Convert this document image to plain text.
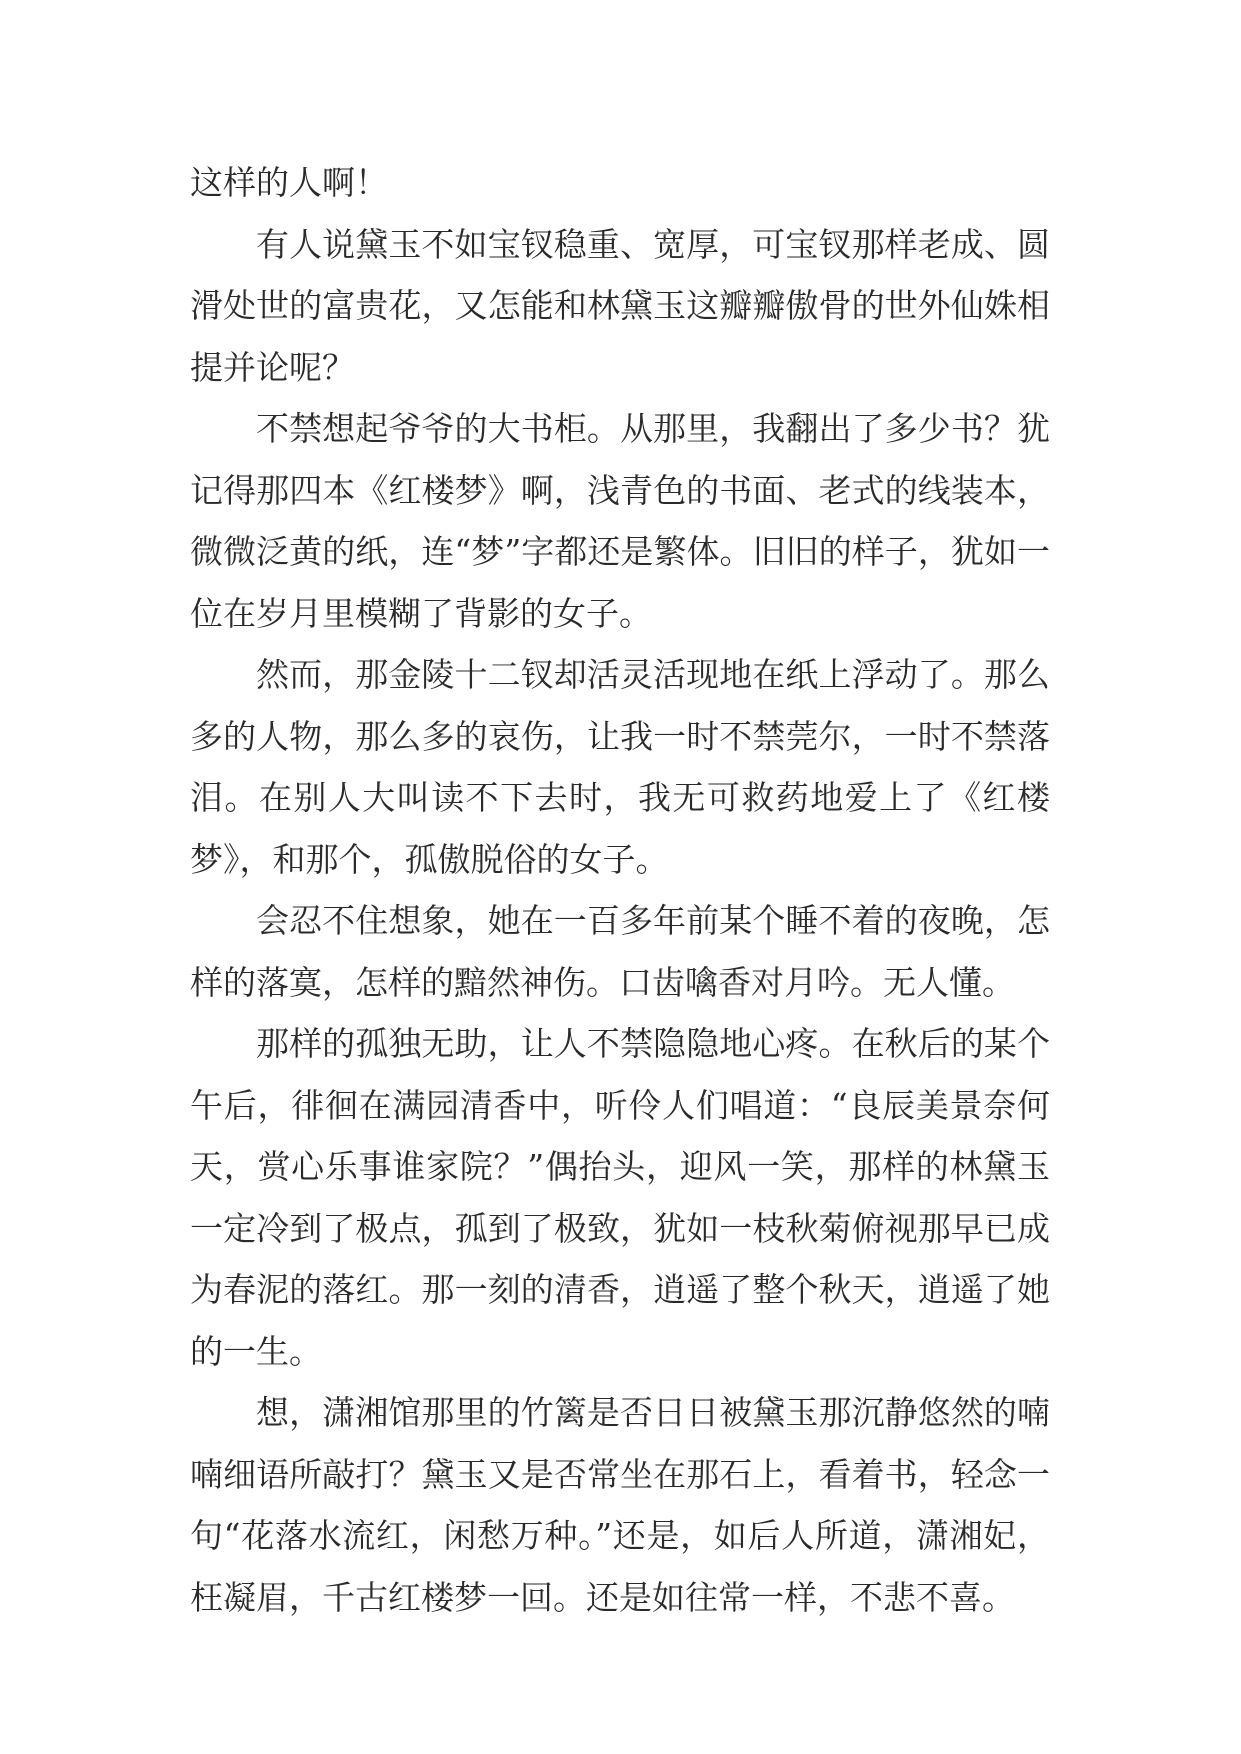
这样的人啊！

有人说黛玉不如宝钗稳重、宽厚，可宝钗那样老成、圆滑处世的富贵花，又怎能和林黛玉这瓣瓣傲骨的世外仙姝相提并论呢？

不禁想起爷爷的大书柜。从那里，我翻出了多少书？犹记得那四本《红楼梦》啊，浅青色的书面、老式的线装本，微微泛黄的纸，连“梦”字都还是繁体。旧旧的样子，犹如一位在岁月里模糊了背影的女子。

然而，那金陵十二钗却活灵活现地在纸上浮动了。那么多的人物，那么多的哀伤，让我一时不禁莞尔，一时不禁落泪。在别人大叫读不下去时，我无可救药地爱上了《红楼梦》，和那个，孤傲脱俗的女子。

会忍不住想象，她在一百多年前某个睡不着的夜晚，怎样的落寞，怎样的黯然神伤。口齿噙香对月吟。无人懂。

那样的孤独无助，让人不禁隐隐地心疼。在秋后的某个午后，徘徊在满园清香中，听伶人们唱道：“良辰美景奈何天，赏心乐事谁家院？”偶抬头，迎风一笑，那样的林黛玉一定冷到了极点，孤到了极致，犹如一枝秋菊俯视那早已成为春泥的落红。那一刻的清香，逍遥了整个秋天，逍遥了她的一生。

想，潇湘馆那里的竹篱是否日日被黛玉那沉静悠然的喃喃细语所敲打？黛玉又是否常坐在那石上，看着书，轻念一句“花落水流红，闲愁万种。”还是，如后人所道，潇湘妃，枉凝眉，千古红楼梦一回。还是如往常一样，不悲不喜。
